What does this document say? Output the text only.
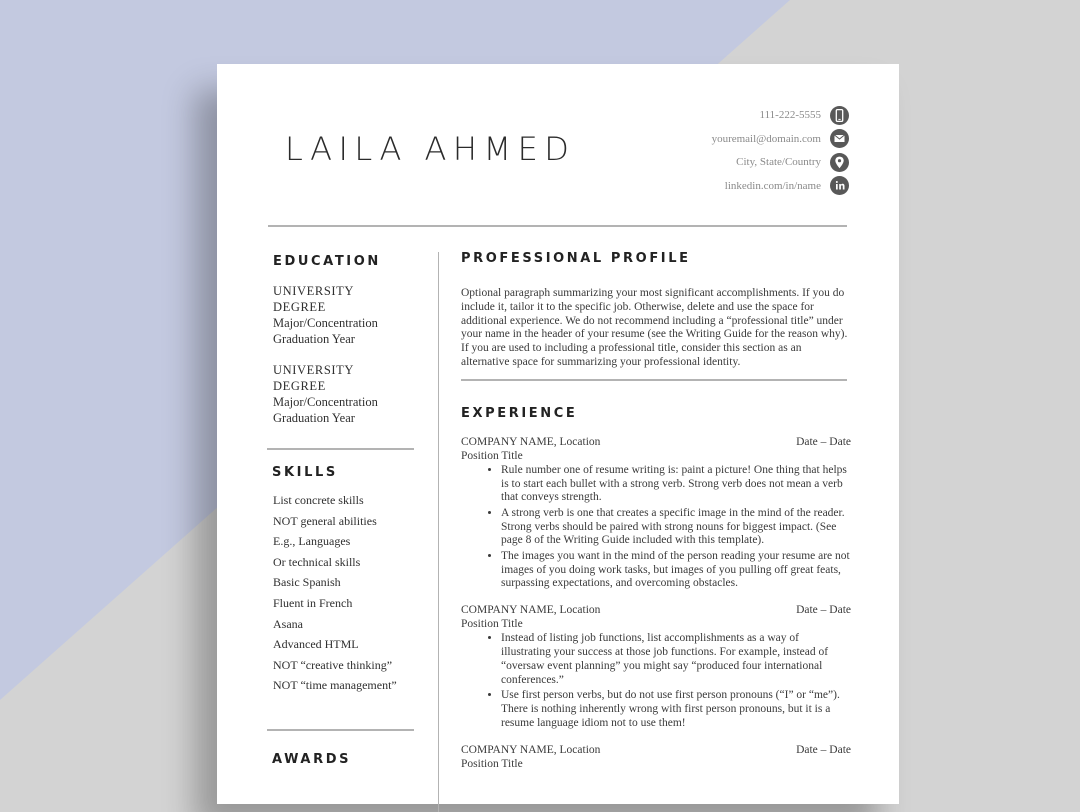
LAILA AHMED
111-222-5555
youremail@domain.com
City, State/Country
linkedin.com/in/name
EDUCATION
UNIVERSITY
DEGREE
Major/Concentration
Graduation Year
UNIVERSITY
DEGREE
Major/Concentration
Graduation Year
SKILLS
List concrete skills
NOT general abilities
E.g., Languages
Or technical skills
Basic Spanish
Fluent in French
Asana
Advanced HTML
NOT “creative thinking”
NOT “time management”
AWARDS
PROFESSIONAL PROFILE

Optional paragraph summarizing your most significant accomplishments. If you do include it, tailor it to the specific job. Otherwise, delete and use the space for additional experience. We do not recommend including a “professional title” under your name in the header of your resume (see the Writing Guide for the reason why). If you are used to including a professional title, consider this section as an alternative space for summarizing your professional identity.

EXPERIENCE
COMPANY NAME, Location	Date – Date
Position Title
• Rule number one of resume writing is: paint a picture! One thing that helps is to start each bullet with a strong verb. Strong verb does not mean a verb that conveys strength.
• A strong verb is one that creates a specific image in the mind of the reader. Strong verbs should be paired with strong nouns for biggest impact. (See page 8 of the Writing Guide included with this template).
• The images you want in the mind of the person reading your resume are not images of you doing work tasks, but images of you pulling off great feats, surpassing expectations, and overcoming obstacles.
COMPANY NAME, Location	Date – Date
Position Title
• Instead of listing job functions, list accomplishments as a way of illustrating your success at those job functions. For example, instead of “oversaw event planning” you might say “produced four international conferences.”
• Use first person verbs, but do not use first person pronouns (“I” or “me”). There is nothing inherently wrong with first person pronouns, but it is a resume language idiom not to use them!
COMPANY NAME, Location	Date – Date
Position Title
